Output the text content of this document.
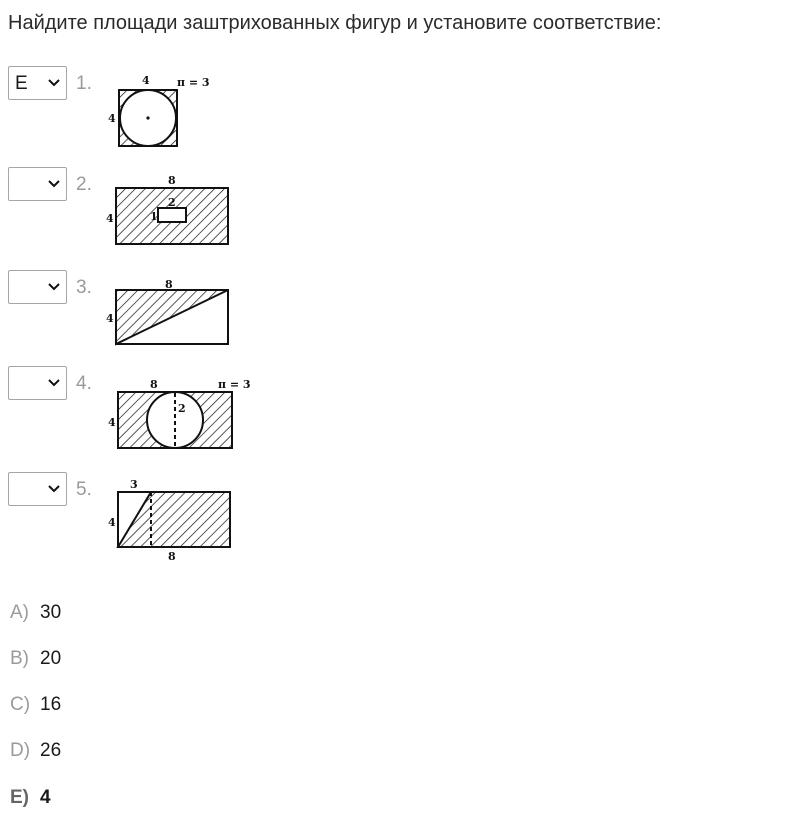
Найдите площади заштрихованных фигур и установите соответствие:
E	1.	4
4
π = 3
2.	8
4
2
1
3.	8
4
4.	8
4
2
π = 3
5.	3
4
8
A) 30
B) 20
C) 16
D) 26
E) 4
